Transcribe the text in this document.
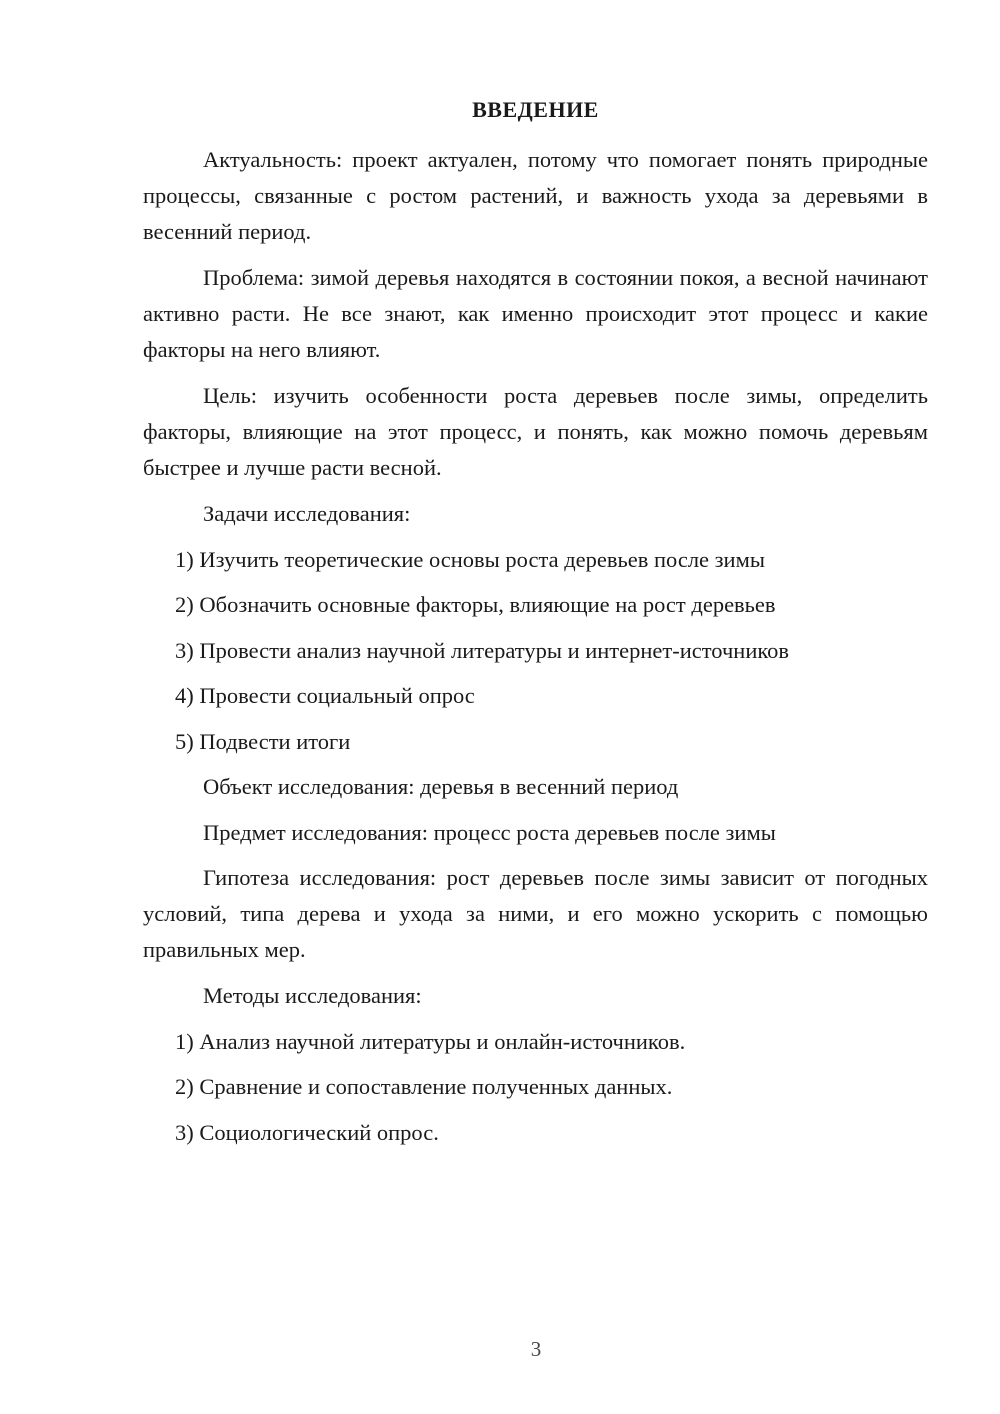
ВВЕДЕНИЕ

Актуальность: проект актуален, потому что помогает понять природные процессы, связанные с ростом растений, и важность ухода за деревьями в весенний период.

Проблема: зимой деревья находятся в состоянии покоя, а весной начинают активно расти. Не все знают, как именно происходит этот процесс и какие факторы на него влияют.

Цель: изучить особенности роста деревьев после зимы, определить факторы, влияющие на этот процесс, и понять, как можно помочь деревьям быстрее и лучше расти весной.

Задачи исследования:
1) Изучить теоретические основы роста деревьев после зимы
2) Обозначить основные факторы, влияющие на рост деревьев
3) Провести анализ научной литературы и интернет-источников
4) Провести социальный опрос
5) Подвести итоги
Объект исследования: деревья в весенний период
Предмет исследования: процесс роста деревьев после зимы

Гипотеза исследования: рост деревьев после зимы зависит от погодных условий, типа дерева и ухода за ними, и его можно ускорить с помощью правильных мер.

Методы исследования:
1) Анализ научной литературы и онлайн-источников.
2) Сравнение и сопоставление полученных данных.
3) Социологический опрос.
3
